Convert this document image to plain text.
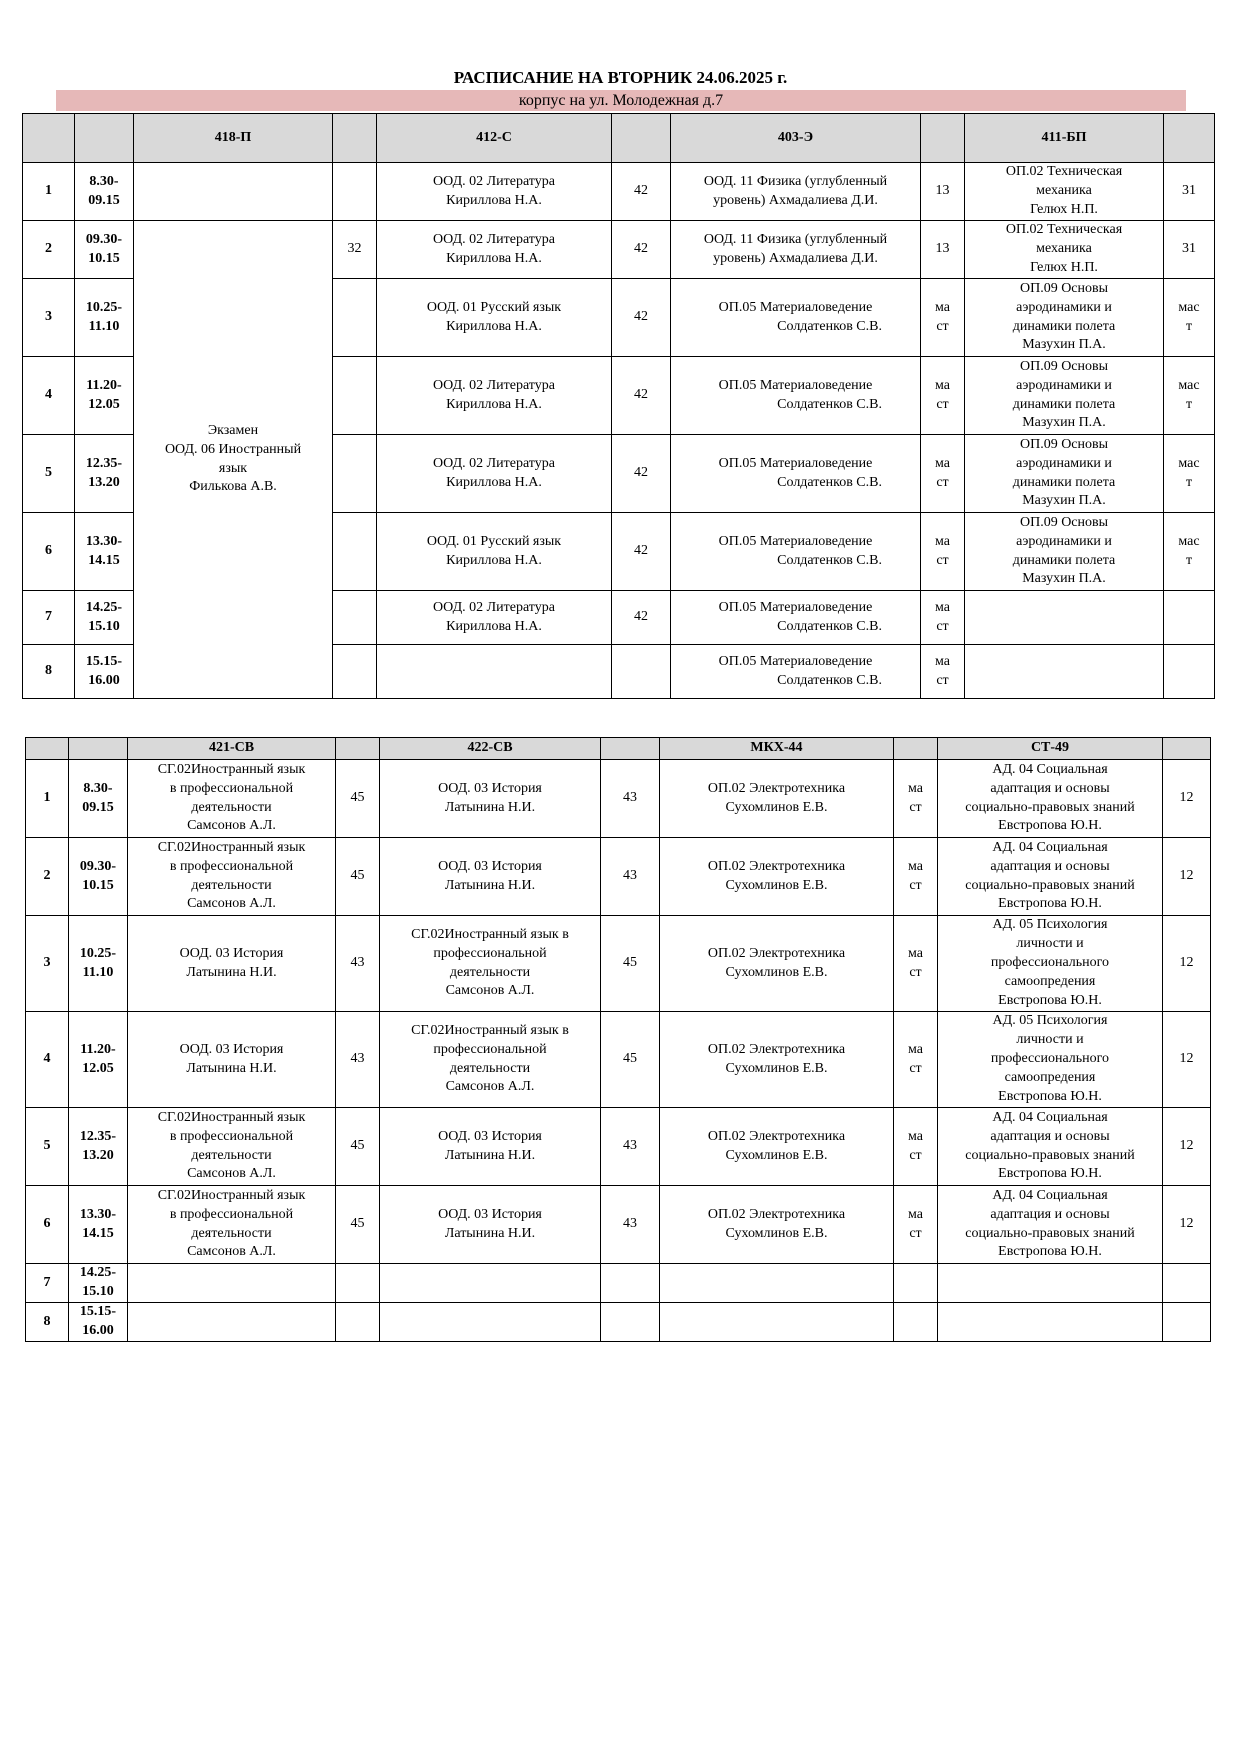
РАСПИСАНИЕ НА ВТОРНИК 24.06.2025 г.
корпус на ул. Молодежная д.7
		418-П		412-С		403-Э		411-БП	
1	8.30-
09.15			ООД. 02 Литература
Кириллова Н.А.	42	ООД. 11 Физика (углубленный
уровень) Ахмадалиева Д.И.	13	ОП.02 Техническая
механика
Гелюх Н.П.	31
2	09.30-
10.15	Экзамен
ООД. 06 Иностранный
язык
Филькова А.В.	32	ООД. 02 Литература
Кириллова Н.А.	42	ООД. 11 Физика (углубленный
уровень) Ахмадалиева Д.И.	13	ОП.02 Техническая
механика
Гелюх Н.П.	31
3	10.25-
11.10			ООД. 01 Русский язык
Кириллова Н.А.	42	ОП.05 Материаловедение
Солдатенков С.В.	ма
ст	ОП.09 Основы
аэродинамики и
динамики полета
Мазухин П.А.	мас
т
4	11.20-
12.05			ООД. 02 Литература
Кириллова Н.А.	42	ОП.05 Материаловедение
Солдатенков С.В.	ма
ст	ОП.09 Основы
аэродинамики и
динамики полета
Мазухин П.А.	мас
т
5	12.35-
13.20			ООД. 02 Литература
Кириллова Н.А.	42	ОП.05 Материаловедение
Солдатенков С.В.	ма
ст	ОП.09 Основы
аэродинамики и
динамики полета
Мазухин П.А.	мас
т
6	13.30-
14.15			ООД. 01 Русский язык
Кириллова Н.А.	42	ОП.05 Материаловедение
Солдатенков С.В.	ма
ст	ОП.09 Основы
аэродинамики и
динамики полета
Мазухин П.А.	мас
т
7	14.25-
15.10			ООД. 02 Литература
Кириллова Н.А.	42	ОП.05 Материаловедение
Солдатенков С.В.	ма
ст		
8	15.15-
16.00					ОП.05 Материаловедение
Солдатенков С.В.	ма
ст		
		421-СВ		422-СВ		МКХ-44		СТ-49	
1	8.30-
09.15	СГ.02Иностранный язык
в профессиональной
деятельности
Самсонов А.Л.	45	ООД. 03 История
Латынина Н.И.	43	ОП.02 Электротехника
Сухомлинов Е.В.	ма
ст	АД. 04 Социальная
адаптация и основы
социально-правовых знаний
Евстропова Ю.Н.	12
2	09.30-
10.15	СГ.02Иностранный язык
в профессиональной
деятельности
Самсонов А.Л.	45	ООД. 03 История
Латынина Н.И.	43	ОП.02 Электротехника
Сухомлинов Е.В.	ма
ст	АД. 04 Социальная
адаптация и основы
социально-правовых знаний
Евстропова Ю.Н.	12
3	10.25-
11.10	ООД. 03 История
Латынина Н.И.	43	СГ.02Иностранный язык в
профессиональной
деятельности
Самсонов А.Л.	45	ОП.02 Электротехника
Сухомлинов Е.В.	ма
ст	АД. 05 Психология
личности и
профессионального
самоопредения
Евстропова Ю.Н.	12
4	11.20-
12.05	ООД. 03 История
Латынина Н.И.	43	СГ.02Иностранный язык в
профессиональной
деятельности
Самсонов А.Л.	45	ОП.02 Электротехника
Сухомлинов Е.В.	ма
ст	АД. 05 Психология
личности и
профессионального
самоопредения
Евстропова Ю.Н.	12
5	12.35-
13.20	СГ.02Иностранный язык
в профессиональной
деятельности
Самсонов А.Л.	45	ООД. 03 История
Латынина Н.И.	43	ОП.02 Электротехника
Сухомлинов Е.В.	ма
ст	АД. 04 Социальная
адаптация и основы
социально-правовых знаний
Евстропова Ю.Н.	12
6	13.30-
14.15	СГ.02Иностранный язык
в профессиональной
деятельности
Самсонов А.Л.	45	ООД. 03 История
Латынина Н.И.	43	ОП.02 Электротехника
Сухомлинов Е.В.	ма
ст	АД. 04 Социальная
адаптация и основы
социально-правовых знаний
Евстропова Ю.Н.	12
7	14.25-
15.10								
8	15.15-
16.00								
